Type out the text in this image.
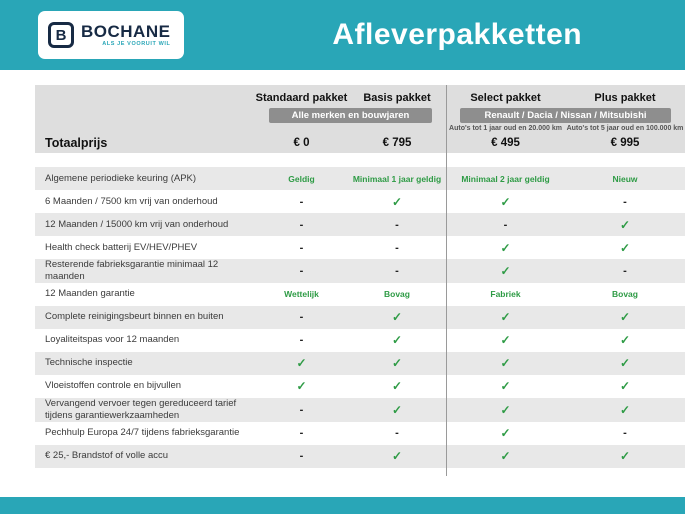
B BOCHANE
ALS JE VOORUIT WIL	Afleverpakketten
Standaard pakket	Basis pakket	Select pakket	Plus pakket
Alle merken en bouwjaren	Renault / Dacia / Nissan / Mitsubishi
Auto's tot 1 jaar oud en 20.000 km Auto's tot 5 jaar oud en 100.000 km
Totaalprijs	€ 0	€ 795	€ 495	€ 995
Algemene periodieke keuring (APK)	Geldig	Minimaal 1 jaar geldig	Minimaal 2 jaar geldig	Nieuw
6 Maanden / 7500 km vrij van onderhoud	-	✓	✓	-
12 Maanden / 15000 km vrij van onderhoud	-	-	-	✓
Health check batterij EV/HEV/PHEV	-	-	✓	✓
Resterende fabrieksgarantie minimaal 12 maanden	-	-	✓	-
12 Maanden garantie	Wettelijk	Bovag	Fabriek	Bovag
Complete reinigingsbeurt binnen en buiten	-	✓	✓	✓
Loyaliteitspas voor 12 maanden	-	✓	✓	✓
Technische inspectie	✓	✓	✓	✓
Vloeistoffen controle en bijvullen	✓	✓	✓	✓
Vervangend vervoer tegen gereduceerd tarief tijdens garantiewerkzaamheden	-	✓	✓	✓
Pechhulp Europa 24/7 tijdens fabrieksgarantie	-	-	✓	-
€ 25,- Brandstof of volle accu	-	✓	✓	✓
